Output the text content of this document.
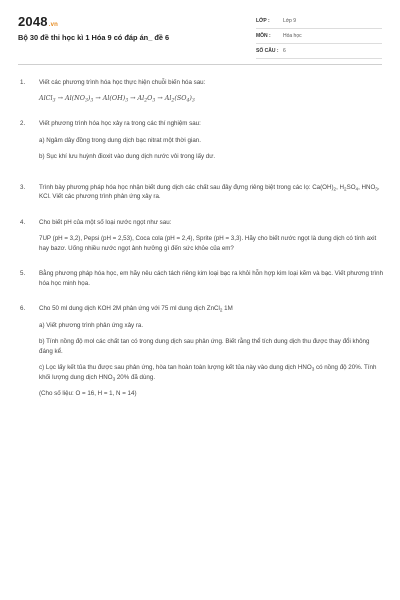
2048.vn
Bộ 30 đề thi học kì 1 Hóa 9 có đáp án_ đề 6
LỚP :	Lớp 9
MÔN :	Hóa học
SỐ CÂU : 6
1.	Viết các phương trình hóa học thực hiện chuỗi biến hóa sau:
AlCl$_3$ → $Al(NO_3)_3 \to Al(OH)_3 \to Al_2O_3 \to Al_2(SO_4)_3$
2.	Viết phương trình hóa học xảy ra trong các thí nghiệm sau:
a) Ngâm dây đồng trong dung dịch bạc nitrat một thời gian.
b) Sục khí lưu huỳnh đioxit vào dung dịch nước vôi trong lấy dư.
3.	Trình bày phương pháp hóa học nhận biết dung dịch các chất sau đây đựng riêng biệt trong các lọ: $Ca(OH)_2$, $H_2SO_4$, $HNO_3$, KCl. Viết các phương trình phản ứng xảy ra.
4.	Cho biết pH của một số loại nước ngọt như sau:
7UP (pH = 3,2), Pepsi (pH = 2,53), Coca cola (pH = 2,4), Sprite (pH = 3,3). Hãy cho biết nước ngọt là dung dịch có tính axit hay bazơ. Uống nhiều nước ngọt ảnh hưởng gì đến sức khỏe của em?
5.	Bằng phương pháp hóa học, em hãy nêu cách tách riêng kim loại bạc ra khỏi hỗn hợp kim loại kẽm và bạc. Viết phương trình hóa học minh họa.
6.	Cho 50 ml dung dịch KOH 2M phản ứng với 75 ml dung dịch ZnCl$_2$ 1M
a) Viết phương trình phản ứng xảy ra.
b) Tính nồng độ mol các chất tan có trong dung dịch sau phản ứng. Biết rằng thể tích dung dịch thu được thay đổi không đáng kể.
c) Lọc lấy kết tủa thu được sau phản ứng, hòa tan hoàn toàn lượng kết tủa này vào dung dịch $HNO_3$ có nồng độ 20%. Tính khối lượng dung dịch $HNO_3$ 20% đã dùng.
(Cho số liệu: O = 16, H = 1, N = 14)
